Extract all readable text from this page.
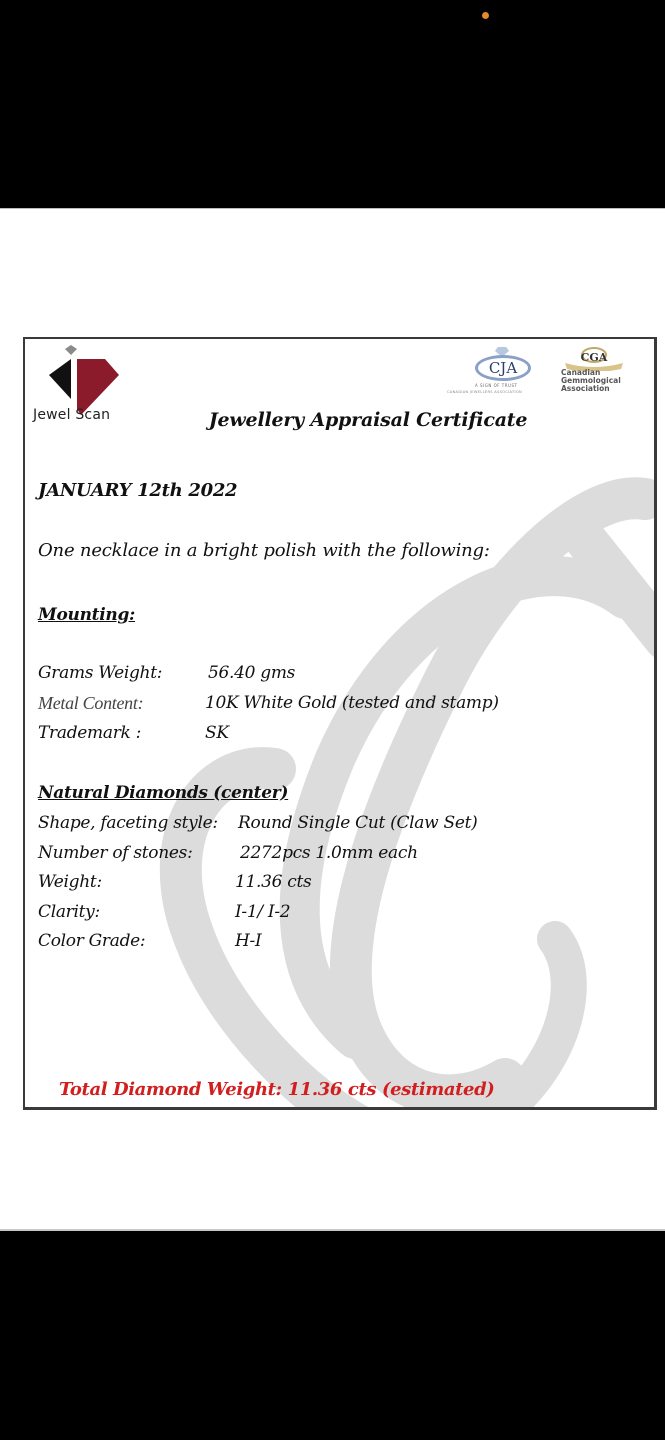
Jewel Scan
CJA
A SIGN OF TRUST
CANADIAN JEWELLERS ASSOCIATION
CGA
Canadian
Gemmological
Association
Jewellery Appraisal Certificate
JANUARY 12th 2022
One necklace in a bright polish with the following:
Mounting:
Grams Weight:	56.40 gms
Metal Content:	10K White Gold (tested and stamp)
Trademark :	SK
Natural Diamonds (center)
Shape, faceting style: Round Single Cut (Claw Set)
Number of stones:	2272pcs 1.0mm each
Weight:	11.36 cts
Clarity:	I-1/ I-2
Color Grade:	H-I
Total Diamond Weight: 11.36 cts (estimated)
